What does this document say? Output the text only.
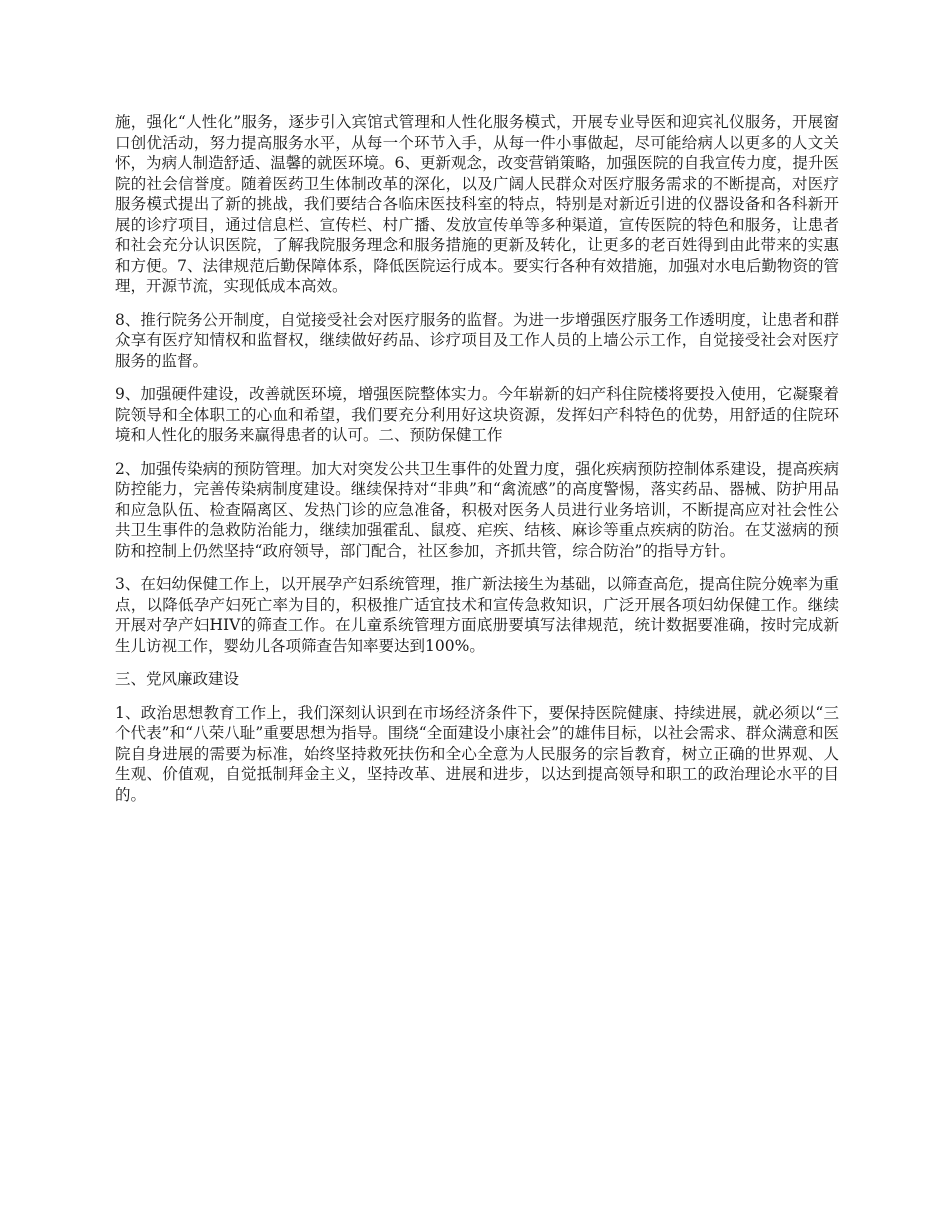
施，强化“人性化”服务，逐步引入宾馆式管理和人性化服务模式，开展专业导医和迎宾礼仪服务，开展窗口创优活动，努力提高服务水平，从每一个环节入手，从每一件小事做起，尽可能给病人以更多的人文关怀，为病人制造舒适、温馨的就医环境。6、更新观念，改变营销策略，加强医院的自我宣传力度，提升医院的社会信誉度。随着医药卫生体制改革的深化，以及广阔人民群众对医疗服务需求的不断提高，对医疗服务模式提出了新的挑战，我们要结合各临床医技科室的特点，特别是对新近引进的仪器设备和各科新开展的诊疗项目，通过信息栏、宣传栏、村广播、发放宣传单等多种渠道，宣传医院的特色和服务，让患者和社会充分认识医院，了解我院服务理念和服务措施的更新及转化，让更多的老百姓得到由此带来的实惠和方便。7、法律规范后勤保障体系，降低医院运行成本。要实行各种有效措施，加强对水电后勤物资的管理，开源节流，实现低成本高效。

8、推行院务公开制度，自觉接受社会对医疗服务的监督。为进一步增强医疗服务工作透明度，让患者和群众享有医疗知情权和监督权，继续做好药品、诊疗项目及工作人员的上墙公示工作，自觉接受社会对医疗服务的监督。

9、加强硬件建设，改善就医环境，增强医院整体实力。今年崭新的妇产科住院楼将要投入使用，它凝聚着院领导和全体职工的心血和希望，我们要充分利用好这块资源，发挥妇产科特色的优势，用舒适的住院环境和人性化的服务来赢得患者的认可。二、预防保健工作

2、加强传染病的预防管理。加大对突发公共卫生事件的处置力度，强化疾病预防控制体系建设，提高疾病防控能力，完善传染病制度建设。继续保持对“非典”和“禽流感”的高度警惕，落实药品、器械、防护用品和应急队伍、检查隔离区、发热门诊的应急准备，积极对医务人员进行业务培训，不断提高应对社会性公共卫生事件的急救防治能力，继续加强霍乱、鼠疫、疟疾、结核、麻诊等重点疾病的防治。在艾滋病的预防和控制上仍然坚持“政府领导，部门配合，社区参加，齐抓共管，综合防治”的指导方针。

3、在妇幼保健工作上，以开展孕产妇系统管理，推广新法接生为基础，以筛查高危，提高住院分娩率为重点，以降低孕产妇死亡率为目的，积极推广适宜技术和宣传急救知识，广泛开展各项妇幼保健工作。继续开展对孕产妇HIV的筛查工作。在儿童系统管理方面底册要填写法律规范，统计数据要准确，按时完成新生儿访视工作，婴幼儿各项筛查告知率要达到100%。

三、党风廉政建设

1、政治思想教育工作上，我们深刻认识到在市场经济条件下，要保持医院健康、持续进展，就必须以“三个代表”和“八荣八耻”重要思想为指导。围绕“全面建设小康社会”的雄伟目标，以社会需求、群众满意和医院自身进展的需要为标准，始终坚持救死扶伤和全心全意为人民服务的宗旨教育，树立正确的世界观、人生观、价值观，自觉抵制拜金主义，坚持改革、进展和进步，以达到提高领导和职工的政治理论水平的目的。
